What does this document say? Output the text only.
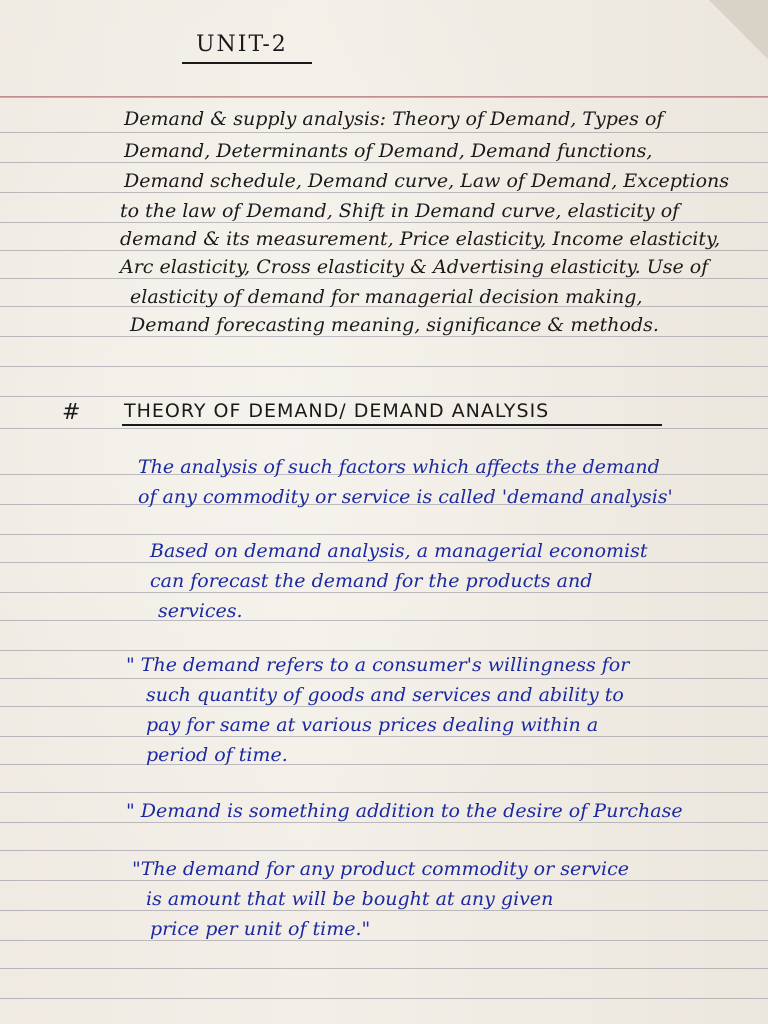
UNIT-2
Demand & supply analysis: Theory of Demand, Types of
Demand, Determinants of Demand, Demand functions,
Demand schedule, Demand curve, Law of Demand, Exceptions
to the law of Demand, Shift in Demand curve, elasticity of
demand & its measurement, Price elasticity, Income elasticity,
Arc elasticity, Cross elasticity & Advertising elasticity. Use of
elasticity of demand for managerial decision making,
Demand forecasting meaning, significance & methods.
# THEORY OF DEMAND/ DEMAND ANALYSIS
The analysis of such factors which affects the demand
of any commodity or service is called 'demand analysis'
Based on demand analysis, a managerial economist
can forecast the demand for the products and
services.
" The demand refers to a consumer's willingness for
such quantity of goods and services and ability to
pay for same at various prices dealing within a
period of time.
" Demand is something addition to the desire of Purchase
"The demand for any product commodity or service
is amount that will be bought at any given
price per unit of time."
